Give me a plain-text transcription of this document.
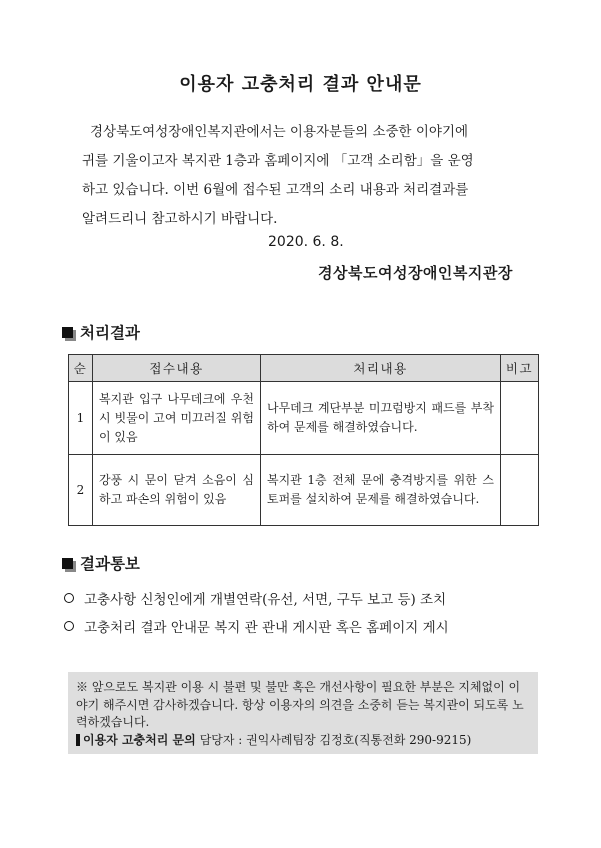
이용자 고충처리 결과 안내문
경상북도여성장애인복지관에서는 이용자분들의 소중한 이야기에
귀를 기울이고자 복지관 1층과 홈페이지에 「고객 소리함」을 운영
하고 있습니다. 이번 6월에 접수된 고객의 소리 내용과 처리결과를
알려드리니 참고하시기 바랍니다.
2020. 6. 8.
경상북도여성장애인복지관장
처리결과
순	접수내용	처리내용	비고
1	복지관 입구 나무데크에 우천 시 빗물이 고여 미끄러질 위험이 있음	나무데크 계단부분 미끄럼방지 패드를 부착하여 문제를 해결하였습니다.	
2	강풍 시 문이 닫겨 소음이 심하고 파손의 위험이 있음	복지관 1층 전체 문에 충격방지를 위한 스토퍼를 설치하여 문제를 해결하였습니다.	
결과통보
고충사항 신청인에게 개별연락(유선, 서면, 구두 보고 등) 조치
고충처리 결과 안내문 복지 관 관내 게시판 혹은 홈페이지 게시
※ 앞으로도 복지관 이용 시 불편 및 불만 혹은 개선사항이 필요한 부분은 지체없이 이야기 해주시면 감사하겠습니다. 항상 이용자의 의견을 소중히 듣는 복지관이 되도록 노력하겠습니다.
이용자 고충처리 문의 담당자 : 권익사례팀장 김정호(직통전화 290-9215)
